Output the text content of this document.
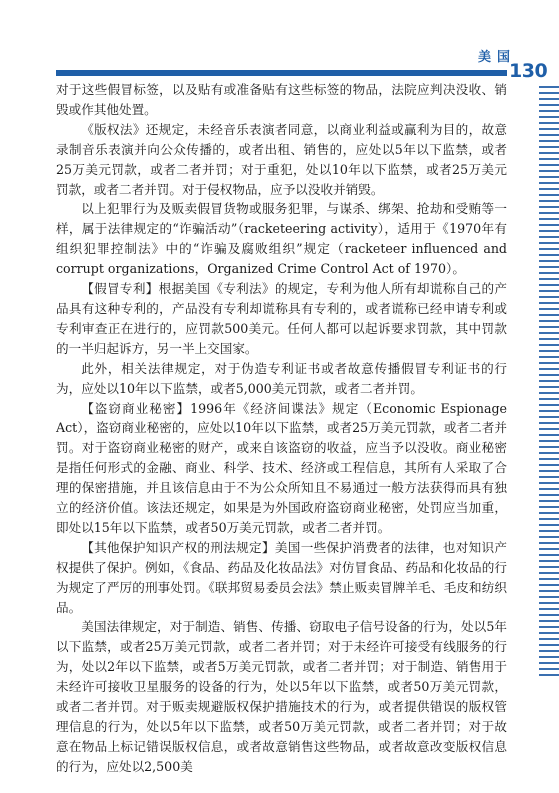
美国
130

对于这些假冒标签，以及贴有或准备贴有这些标签的物品，法院应判决没收、销毁或作其他处置。

《版权法》还规定，未经音乐表演者同意，以商业利益或赢利为目的，故意录制音乐表演并向公众传播的，或者出租、销售的，应处以5年以下监禁，或者25万美元罚款，或者二者并罚；对于重犯，处以10年以下监禁，或者25万美元罚款，或者二者并罚。对于侵权物品，应予以没收并销毁。

以上犯罪行为及贩卖假冒货物或服务犯罪，与谋杀、绑架、抢劫和受贿等一样，属于法律规定的“诈骗活动”（racketeering activity），适用于《1970年有组织犯罪控制法》中的“诈骗及腐败组织”规定（racketeer influenced and corrupt organizations，Organized Crime Control Act of 1970）。

【假冒专利】根据美国《专利法》的规定，专利为他人所有却谎称自己的产品具有这种专利的，产品没有专利却谎称具有专利的，或者谎称已经申请专利或专利审查正在进行的，应罚款500美元。任何人都可以起诉要求罚款，其中罚款的一半归起诉方，另一半上交国家。

此外，相关法律规定，对于伪造专利证书或者故意传播假冒专利证书的行为，应处以10年以下监禁，或者5,000美元罚款，或者二者并罚。

【盗窃商业秘密】1996年《经济间谍法》规定（Economic Espionage Act），盗窃商业秘密的，应处以10年以下监禁，或者25万美元罚款，或者二者并罚。对于盗窃商业秘密的财产，或来自该盗窃的收益，应当予以没收。商业秘密是指任何形式的金融、商业、科学、技术、经济或工程信息，其所有人采取了合理的保密措施，并且该信息由于不为公众所知且不易通过一般方法获得而具有独立的经济价值。该法还规定，如果是为外国政府盗窃商业秘密，处罚应当加重，即处以15年以下监禁，或者50万美元罚款，或者二者并罚。

【其他保护知识产权的刑法规定】美国一些保护消费者的法律，也对知识产权提供了保护。例如，《食品、药品及化妆品法》对仿冒食品、药品和化妆品的行为规定了严厉的刑事处罚。《联邦贸易委员会法》禁止贩卖冒牌羊毛、毛皮和纺织品。

美国法律规定，对于制造、销售、传播、窃取电子信号设备的行为，处以5年以下监禁，或者25万美元罚款，或者二者并罚；对于未经许可接受有线服务的行为，处以2年以下监禁，或者5万美元罚款，或者二者并罚；对于制造、销售用于未经许可接收卫星服务的设备的行为，处以5年以下监禁，或者50万美元罚款，或者二者并罚。对于贩卖规避版权保护措施技术的行为，或者提供错误的版权管理信息的行为，处以5年以下监禁，或者50万美元罚款，或者二者并罚；对于故意在物品上标记错误版权信息，或者故意销售这些物品，或者故意改变版权信息的行为，应处以2,500美
